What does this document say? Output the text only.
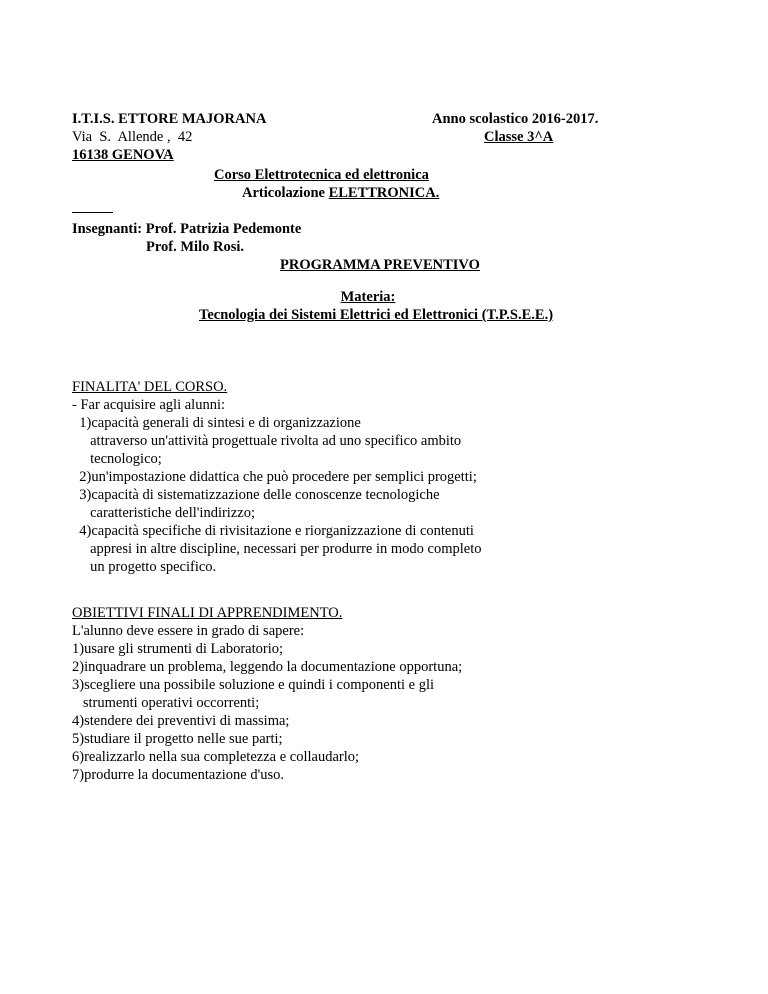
I.T.I.S. ETTORE MAJORANA	Anno scolastico 2016-2017.
Via  S.  Allende ,  42	Classe 3^A
16138 GENOVA
Corso Elettrotecnica ed elettronica
Articolazione ELETTRONICA.
Insegnanti: Prof. Patrizia Pedemonte
Prof. Milo Rosi.
PROGRAMMA PREVENTIVO
Materia:
Tecnologia dei Sistemi Elettrici ed Elettronici (T.P.S.E.E.)
FINALITA' DEL CORSO.
- Far acquisire agli alunni:
1)capacità generali di sintesi e di organizzazione
attraverso un'attività progettuale rivolta ad uno specifico ambito
tecnologico;
2)un'impostazione didattica che può procedere per semplici progetti;
3)capacità di sistematizzazione delle conoscenze tecnologiche
caratteristiche dell'indirizzo;
4)capacità specifiche di rivisitazione e riorganizzazione di contenuti
appresi in altre discipline, necessari per produrre in modo completo
un progetto specifico.
OBIETTIVI FINALI DI APPRENDIMENTO.
L'alunno deve essere in grado di sapere:
1)usare gli strumenti di Laboratorio;
2)inquadrare un problema, leggendo la documentazione opportuna;
3)scegliere una possibile soluzione e quindi i componenti e gli
strumenti operativi occorrenti;
4)stendere dei preventivi di massima;
5)studiare il progetto nelle sue parti;
6)realizzarlo nella sua completezza e collaudarlo;
7)produrre la documentazione d'uso.
